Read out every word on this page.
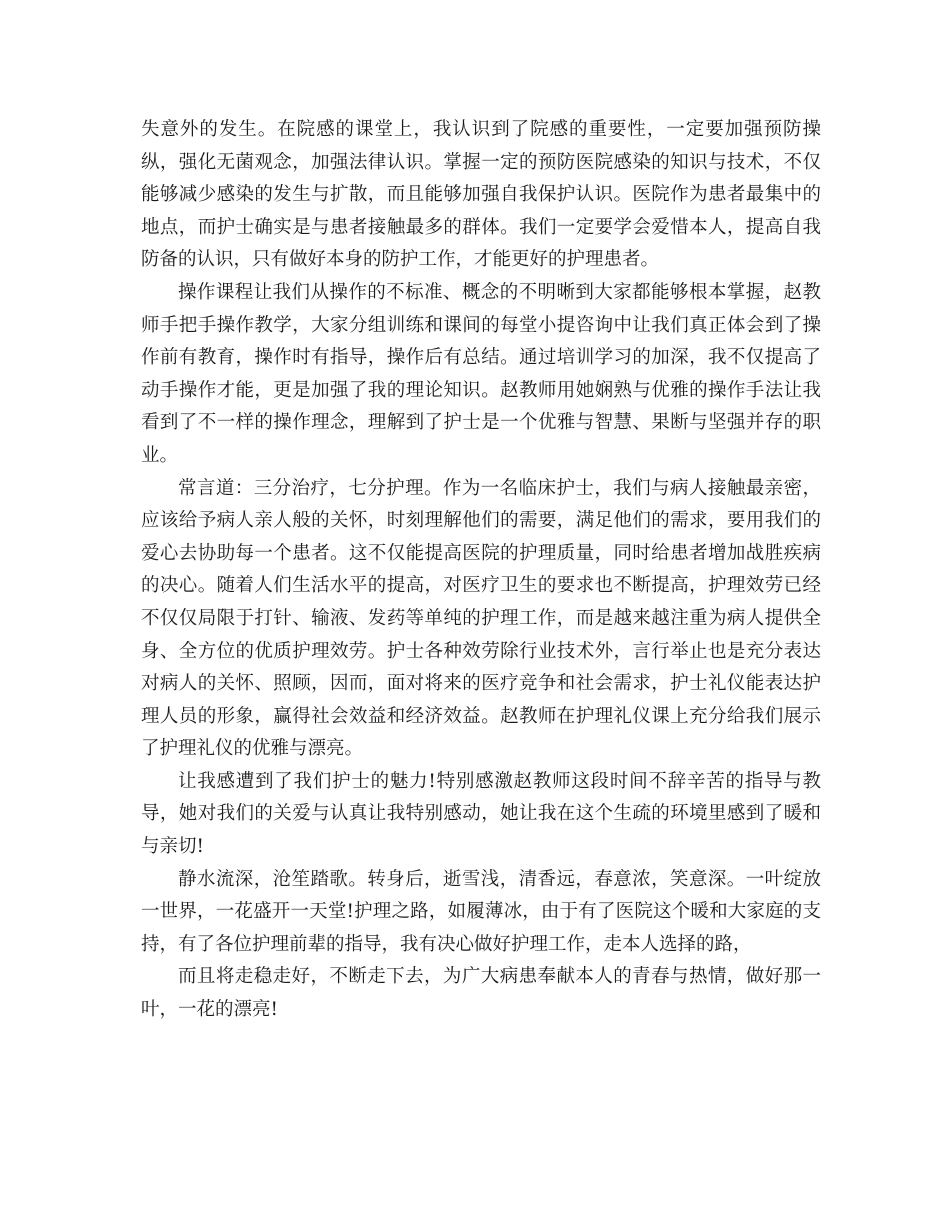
失意外的发生。在院感的课堂上，我认识到了院感的重要性，一定要加强预防操纵，强化无菌观念，加强法律认识。掌握一定的预防医院感染的知识与技术，不仅能够减少感染的发生与扩散，而且能够加强自我保护认识。医院作为患者最集中的地点，而护士确实是与患者接触最多的群体。我们一定要学会爱惜本人，提高自我防备的认识，只有做好本身的防护工作，才能更好的护理患者。

操作课程让我们从操作的不标准、概念的不明晰到大家都能够根本掌握，赵教师手把手操作教学，大家分组训练和课间的每堂小提咨询中让我们真正体会到了操作前有教育，操作时有指导，操作后有总结。通过培训学习的加深，我不仅提高了动手操作才能，更是加强了我的理论知识。赵教师用她娴熟与优雅的操作手法让我看到了不一样的操作理念，理解到了护士是一个优雅与智慧、果断与坚强并存的职业。

常言道：三分治疗，七分护理。作为一名临床护士，我们与病人接触最亲密，应该给予病人亲人般的关怀，时刻理解他们的需要，满足他们的需求，要用我们的爱心去协助每一个患者。这不仅能提高医院的护理质量，同时给患者增加战胜疾病的决心。随着人们生活水平的提高，对医疗卫生的要求也不断提高，护理效劳已经不仅仅局限于打针、输液、发药等单纯的护理工作，而是越来越注重为病人提供全身、全方位的优质护理效劳。护士各种效劳除行业技术外，言行举止也是充分表达对病人的关怀、照顾，因而，面对将来的医疗竞争和社会需求，护士礼仪能表达护理人员的形象，赢得社会效益和经济效益。赵教师在护理礼仪课上充分给我们展示了护理礼仪的优雅与漂亮。

让我感遭到了我们护士的魅力!特别感激赵教师这段时间不辞辛苦的指导与教导，她对我们的关爱与认真让我特别感动，她让我在这个生疏的环境里感到了暖和与亲切!

静水流深，沧笙踏歌。转身后，逝雪浅，清香远，春意浓，笑意深。一叶绽放一世界，一花盛开一天堂!护理之路，如履薄冰，由于有了医院这个暖和大家庭的支持，有了各位护理前辈的指导，我有决心做好护理工作，走本人选择的路，

而且将走稳走好，不断走下去，为广大病患奉献本人的青春与热情，做好那一叶，一花的漂亮!
